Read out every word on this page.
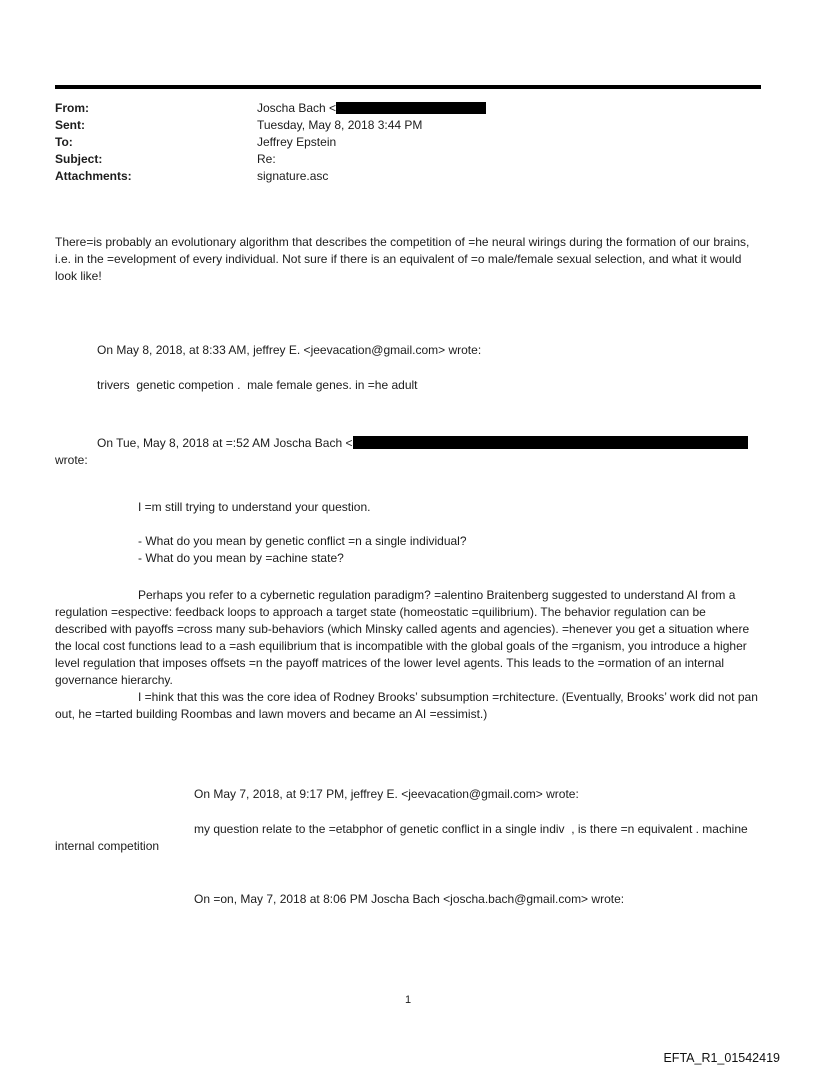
From:	Joscha Bach <
Sent:	Tuesday, May 8, 2018 3:44 PM
To:	Jeffrey Epstein
Subject:	Re:
Attachments:	signature.asc
There=is probably an evolutionary algorithm that describes the competition of =he neural wirings during the formation of our brains, i.e. in the =evelopment of every individual. Not sure if there is an equivalent of =o male/female sexual selection, and what it would look like!
On May 8, 2018, at 8:33 AM, jeffrey E. <jeevacation@gmail.com> wrote:
trivers  genetic competion .  male female genes. in =he adult
On Tue, May 8, 2018 at =:52 AM Joscha Bach <
wrote:
I =m still trying to understand your question.
- What do you mean by genetic conflict =n a single individual?
- What do you mean by =achine state?
Perhaps you refer to a cybernetic regulation paradigm? =alentino Braitenberg suggested to understand AI from a regulation =espective: feedback loops to approach a target state (homeostatic =quilibrium). The behavior regulation can be described with payoffs =cross many sub-behaviors (which Minsky called agents and agencies). =henever you get a situation where the local cost functions lead to a =ash equilibrium that is incompatible with the global goals of the =rganism, you introduce a higher level regulation that imposes offsets =n the payoff matrices of the lower level agents. This leads to the =ormation of an internal governance hierarchy.
I =hink that this was the core idea of Rodney Brooks’ subsumption =rchitecture. (Eventually, Brooks’ work did not pan out, he =tarted building Roombas and lawn movers and became an AI =essimist.)
On May 7, 2018, at 9:17 PM, jeffrey E. <jeevacation@gmail.com> wrote:
my question relate to the =etabphor of genetic conflict in a single indiv  , is there =n equivalent . machine internal competition
On =on, May 7, 2018 at 8:06 PM Joscha Bach <joscha.bach@gmail.com> wrote:
1
EFTA_R1_01542419
